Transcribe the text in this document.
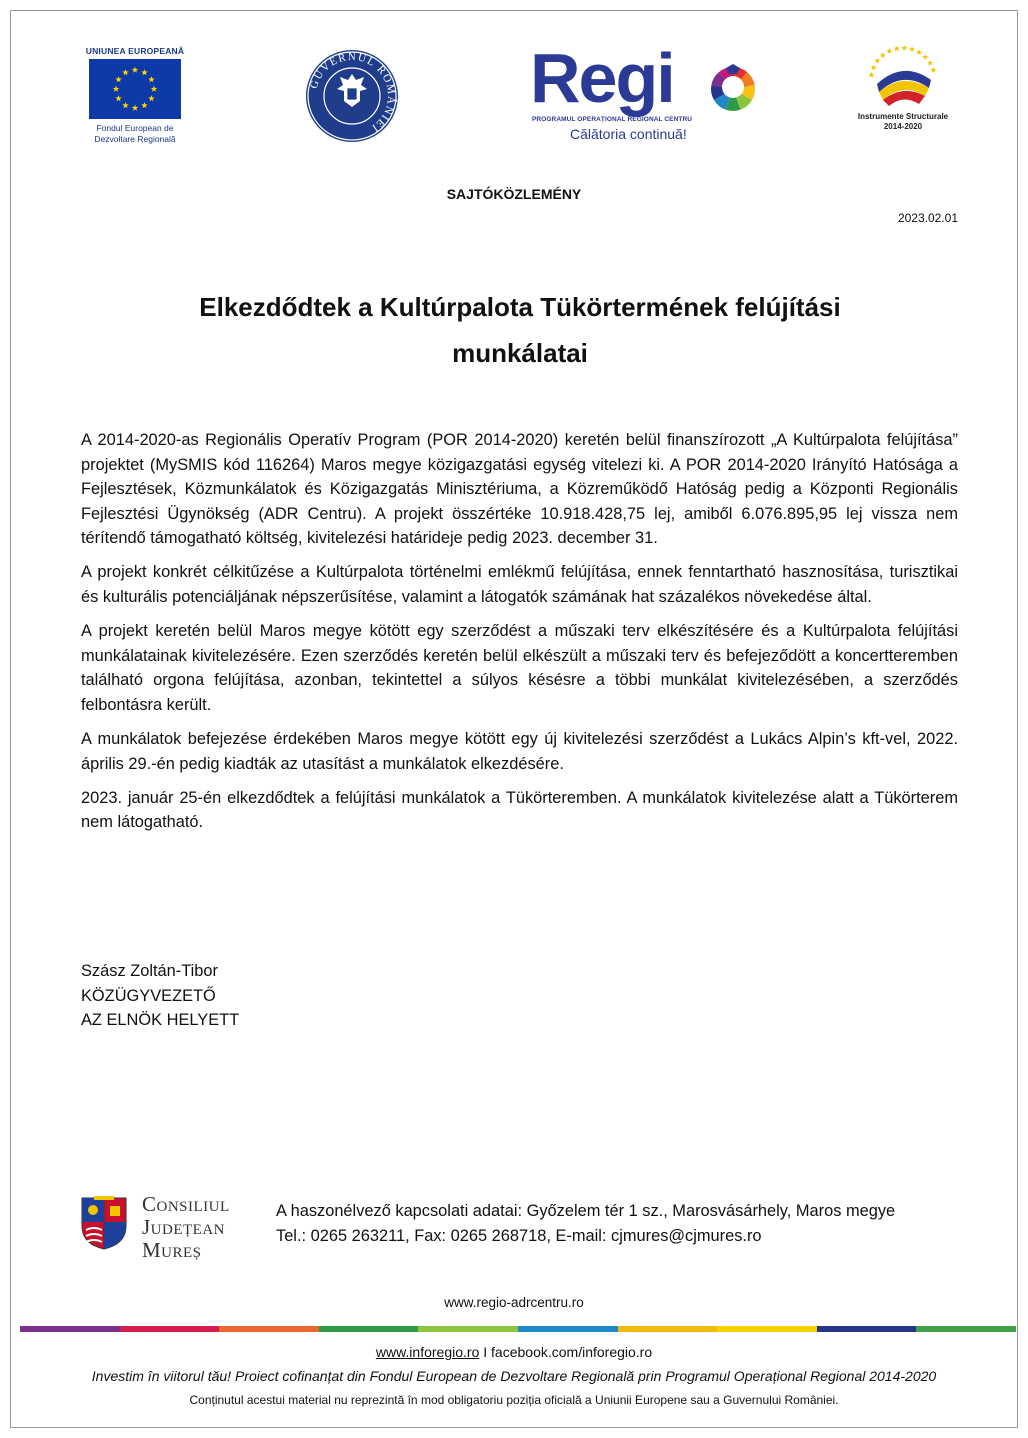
UNIUNEA EUROPEANĂ
Fondul European de
Dezvoltare Regională
GUVERNUL ROMÂNIEI
Regi
PROGRAMUL OPERAȚIONAL REGIONAL CENTRU
Călătoria continuă!
Instrumente Structurale
2014-2020
SAJTÓKÖZLEMÉNY
2023.02.01
Elkezdődtek a Kultúrpalota Tükörtermének felújítási
munkálatai

A 2014-2020-as Regionális Operatív Program (POR 2014-2020) keretén belül finanszírozott „A Kultúrpalota felújítása” projektet (MySMIS kód 116264) Maros megye közigazgatási egység vitelezi ki. A POR 2014-2020 Irányító Hatósága a Fejlesztések, Közmunkálatok és Közigazgatás Minisztériuma, a Közreműködő Hatóság pedig a Központi Regionális Fejlesztési Ügynökség (ADR Centru). A projekt összértéke 10.918.428,75 lej, amiből 6.076.895,95 lej vissza nem térítendő támogatható költség, kivitelezési határideje pedig 2023. december 31.

A projekt konkrét célkitűzése a Kultúrpalota történelmi emlékmű felújítása, ennek fenntartható hasznosítása, turisztikai és kulturális potenciáljának népszerűsítése, valamint a látogatók számának hat százalékos növekedése által.

A projekt keretén belül Maros megye kötött egy szerződést a műszaki terv elkészítésére és a Kultúrpalota felújítási munkálatainak kivitelezésére. Ezen szerződés keretén belül elkészült a műszaki terv és befejeződött a koncertteremben található orgona felújítása, azonban, tekintettel a súlyos késésre a többi munkálat kivitelezésében, a szerződés felbontásra került.

A munkálatok befejezése érdekében Maros megye kötött egy új kivitelezési szerződést a Lukács Alpin’s kft-vel, 2022. április 29.-én pedig kiadták az utasítást a munkálatok elkezdésére.

2023. január 25-én elkezdődtek a felújítási munkálatok a Tükörteremben. A munkálatok kivitelezése alatt a Tükörterem nem látogatható.

Szász Zoltán-Tibor
KÖZÜGYVEZETŐ
AZ ELNÖK HELYETT
Consiliul
Județean
Mureș
A haszonélvező kapcsolati adatai: Győzelem tér 1 sz., Marosvásárhely, Maros megye
Tel.: 0265 263211, Fax: 0265 268718, E-mail: cjmures@cjmures.ro
www.regio-adrcentru.ro
www.inforegio.ro I facebook.com/inforegio.ro
Investim în viitorul tău! Proiect cofinanțat din Fondul European de Dezvoltare Regională prin Programul Operațional Regional 2014-2020
Conținutul acestui material nu reprezintă în mod obligatoriu poziția oficială a Uniunii Europene sau a Guvernului României.
